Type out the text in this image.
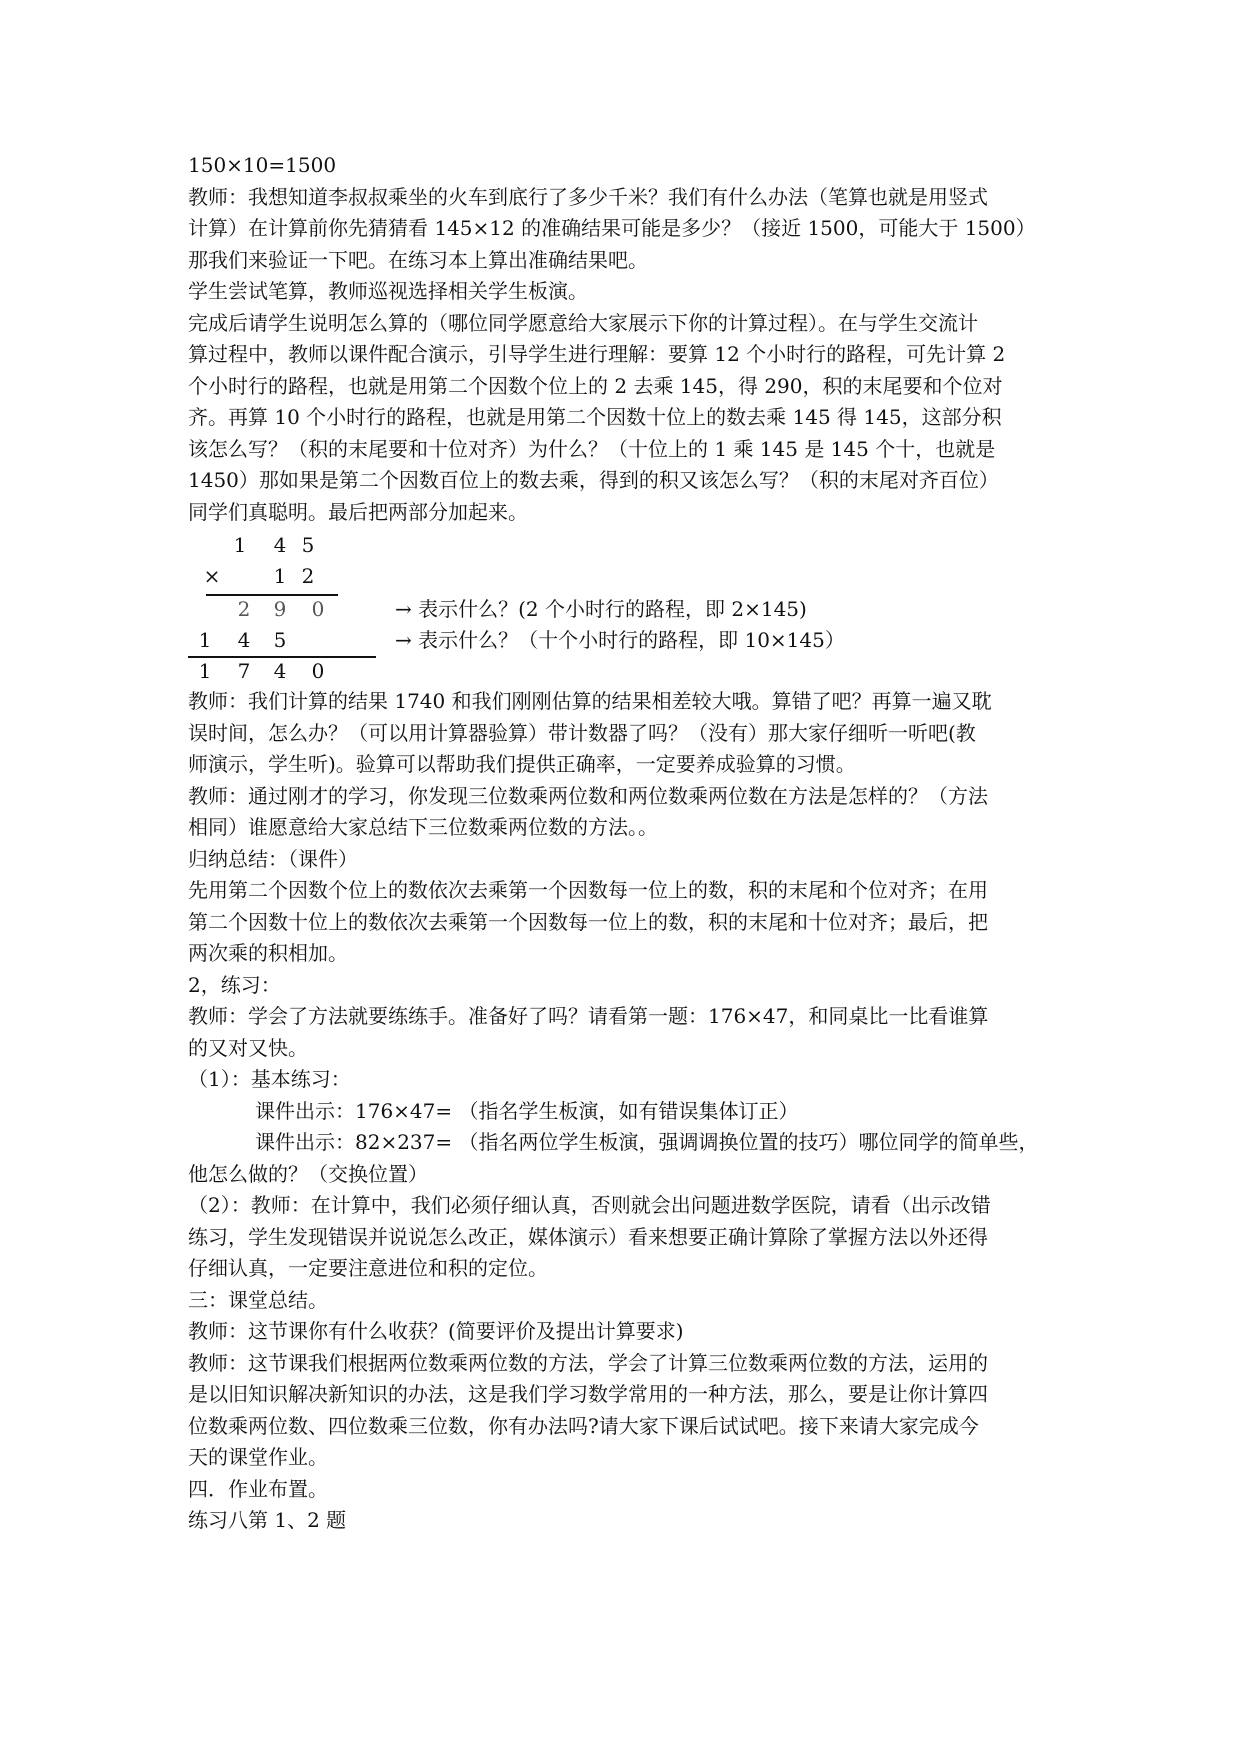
150×10=1500
教师：我想知道李叔叔乘坐的火车到底行了多少千米？我们有什么办法（笔算也就是用竖式
计算）在计算前你先猜猜看 145×12 的准确结果可能是多少？（接近 1500，可能大于 1500）
那我们来验证一下吧。在练习本上算出准确结果吧。
学生尝试笔算，教师巡视选择相关学生板演。
完成后请学生说明怎么算的（哪位同学愿意给大家展示下你的计算过程）。在与学生交流计
算过程中，教师以课件配合演示，引导学生进行理解：要算 12 个小时行的路程，可先计算 2
个小时行的路程，也就是用第二个因数个位上的 2 去乘 145，得 290，积的末尾要和个位对
齐。再算 10 个小时行的路程，也就是用第二个因数十位上的数去乘 145 得 145，这部分积
该怎么写？（积的末尾要和十位对齐）为什么？（十位上的 1 乘 145 是 145 个十，也就是
1450）那如果是第二个因数百位上的数去乘，得到的积又该怎么写？（积的末尾对齐百位）
同学们真聪明。最后把两部分加起来。
1 4 5
×	1 2
2 9 0	→ 表示什么？(2 个小时行的路程，即 2×145)
1 4 5	→ 表示什么？（十个小时行的路程，即 10×145）
1 7 4 0
教师：我们计算的结果 1740 和我们刚刚估算的结果相差较大哦。算错了吧？再算一遍又耽
误时间，怎么办？（可以用计算器验算）带计数器了吗？（没有）那大家仔细听一听吧(教
师演示，学生听)。验算可以帮助我们提供正确率，一定要养成验算的习惯。
教师：通过刚才的学习，你发现三位数乘两位数和两位数乘两位数在方法是怎样的？（方法
相同）谁愿意给大家总结下三位数乘两位数的方法。。
归纳总结：（课件）
先用第二个因数个位上的数依次去乘第一个因数每一位上的数，积的末尾和个位对齐；在用
第二个因数十位上的数依次去乘第一个因数每一位上的数，积的末尾和十位对齐；最后，把
两次乘的积相加。
2，练习：
教师：学会了方法就要练练手。准备好了吗？请看第一题：176×47，和同桌比一比看谁算
的又对又快。
（1）：基本练习：
课件出示：176×47= （指名学生板演，如有错误集体订正）
课件出示：82×237= （指名两位学生板演，强调调换位置的技巧）哪位同学的简单些，
他怎么做的？（交换位置）
（2）：教师：在计算中，我们必须仔细认真，否则就会出问题进数学医院，请看（出示改错
练习，学生发现错误并说说怎么改正，媒体演示）看来想要正确计算除了掌握方法以外还得
仔细认真，一定要注意进位和积的定位。
三：课堂总结。
教师：这节课你有什么收获？(简要评价及提出计算要求)
教师：这节课我们根据两位数乘两位数的方法，学会了计算三位数乘两位数的方法，运用的
是以旧知识解决新知识的办法，这是我们学习数学常用的一种方法，那么，要是让你计算四
位数乘两位数、四位数乘三位数，你有办法吗?请大家下课后试试吧。接下来请大家完成今
天的课堂作业。
四．作业布置。
练习八第 1、2 题
